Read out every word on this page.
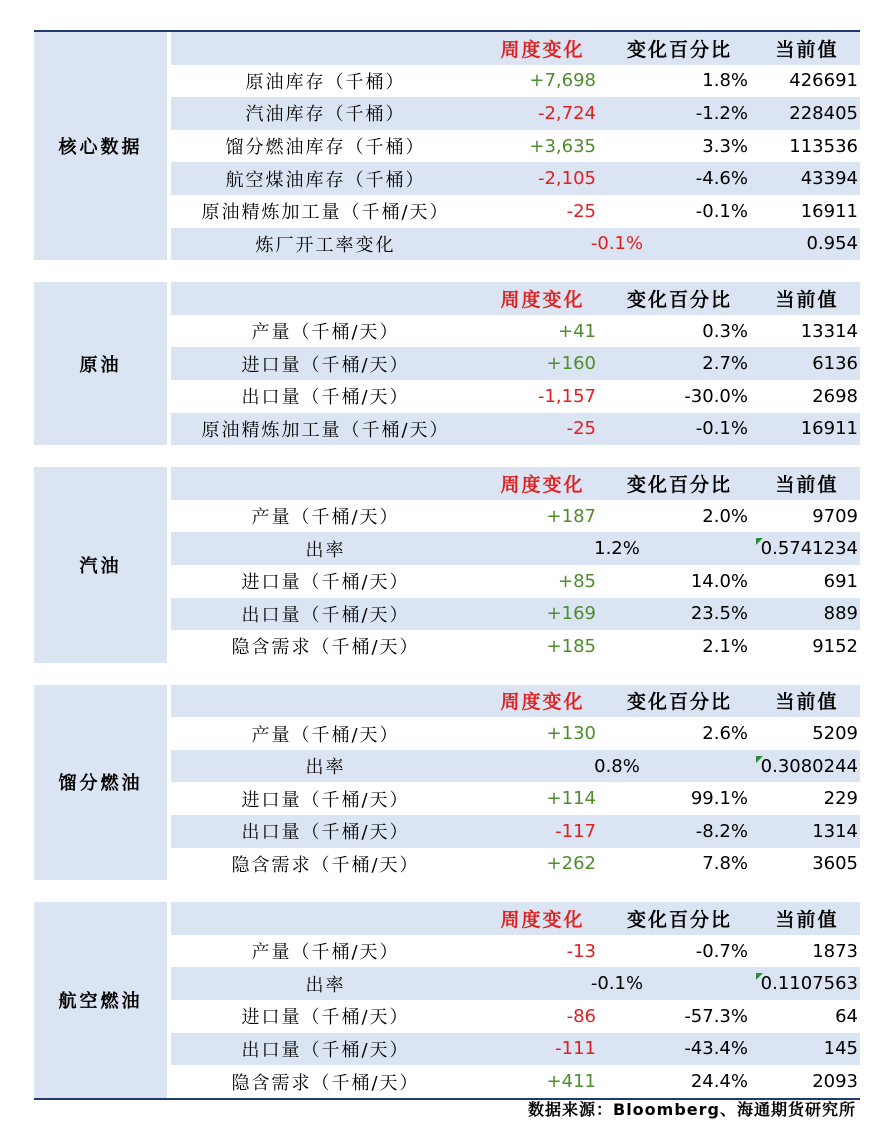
核心数据
周度变化	变化百分比	当前值
原油库存（千桶）	+7,698	1.8%	426691
汽油库存（千桶）	-2,724	-1.2%	228405
馏分燃油库存（千桶）	+3,635	3.3%	113536
航空煤油库存（千桶）	-2,105	-4.6%	43394
原油精炼加工量（千桶/天）	-25	-0.1%	16911
炼厂开工率变化	-0.1%	0.954
原油
周度变化	变化百分比	当前值
产量（千桶/天）	+41	0.3%	13314
进口量（千桶/天）	+160	2.7%	6136
出口量（千桶/天）	-1,157	-30.0%	2698
原油精炼加工量（千桶/天）	-25	-0.1%	16911
汽油
周度变化	变化百分比	当前值
产量（千桶/天）	+187	2.0%	9709
出率	1.2%	0.5741234
进口量（千桶/天）	+85	14.0%	691
出口量（千桶/天）	+169	23.5%	889
隐含需求（千桶/天）	+185	2.1%	9152
馏分燃油
周度变化	变化百分比	当前值
产量（千桶/天）	+130	2.6%	5209
出率	0.8%	0.3080244
进口量（千桶/天）	+114	99.1%	229
出口量（千桶/天）	-117	-8.2%	1314
隐含需求（千桶/天）	+262	7.8%	3605
航空燃油
周度变化	变化百分比	当前值
产量（千桶/天）	-13	-0.7%	1873
出率	-0.1%	0.1107563
进口量（千桶/天）	-86	-57.3%	64
出口量（千桶/天）	-111	-43.4%	145
隐含需求（千桶/天）	+411	24.4%	2093
数据来源：Bloomberg、海通期货研究所
